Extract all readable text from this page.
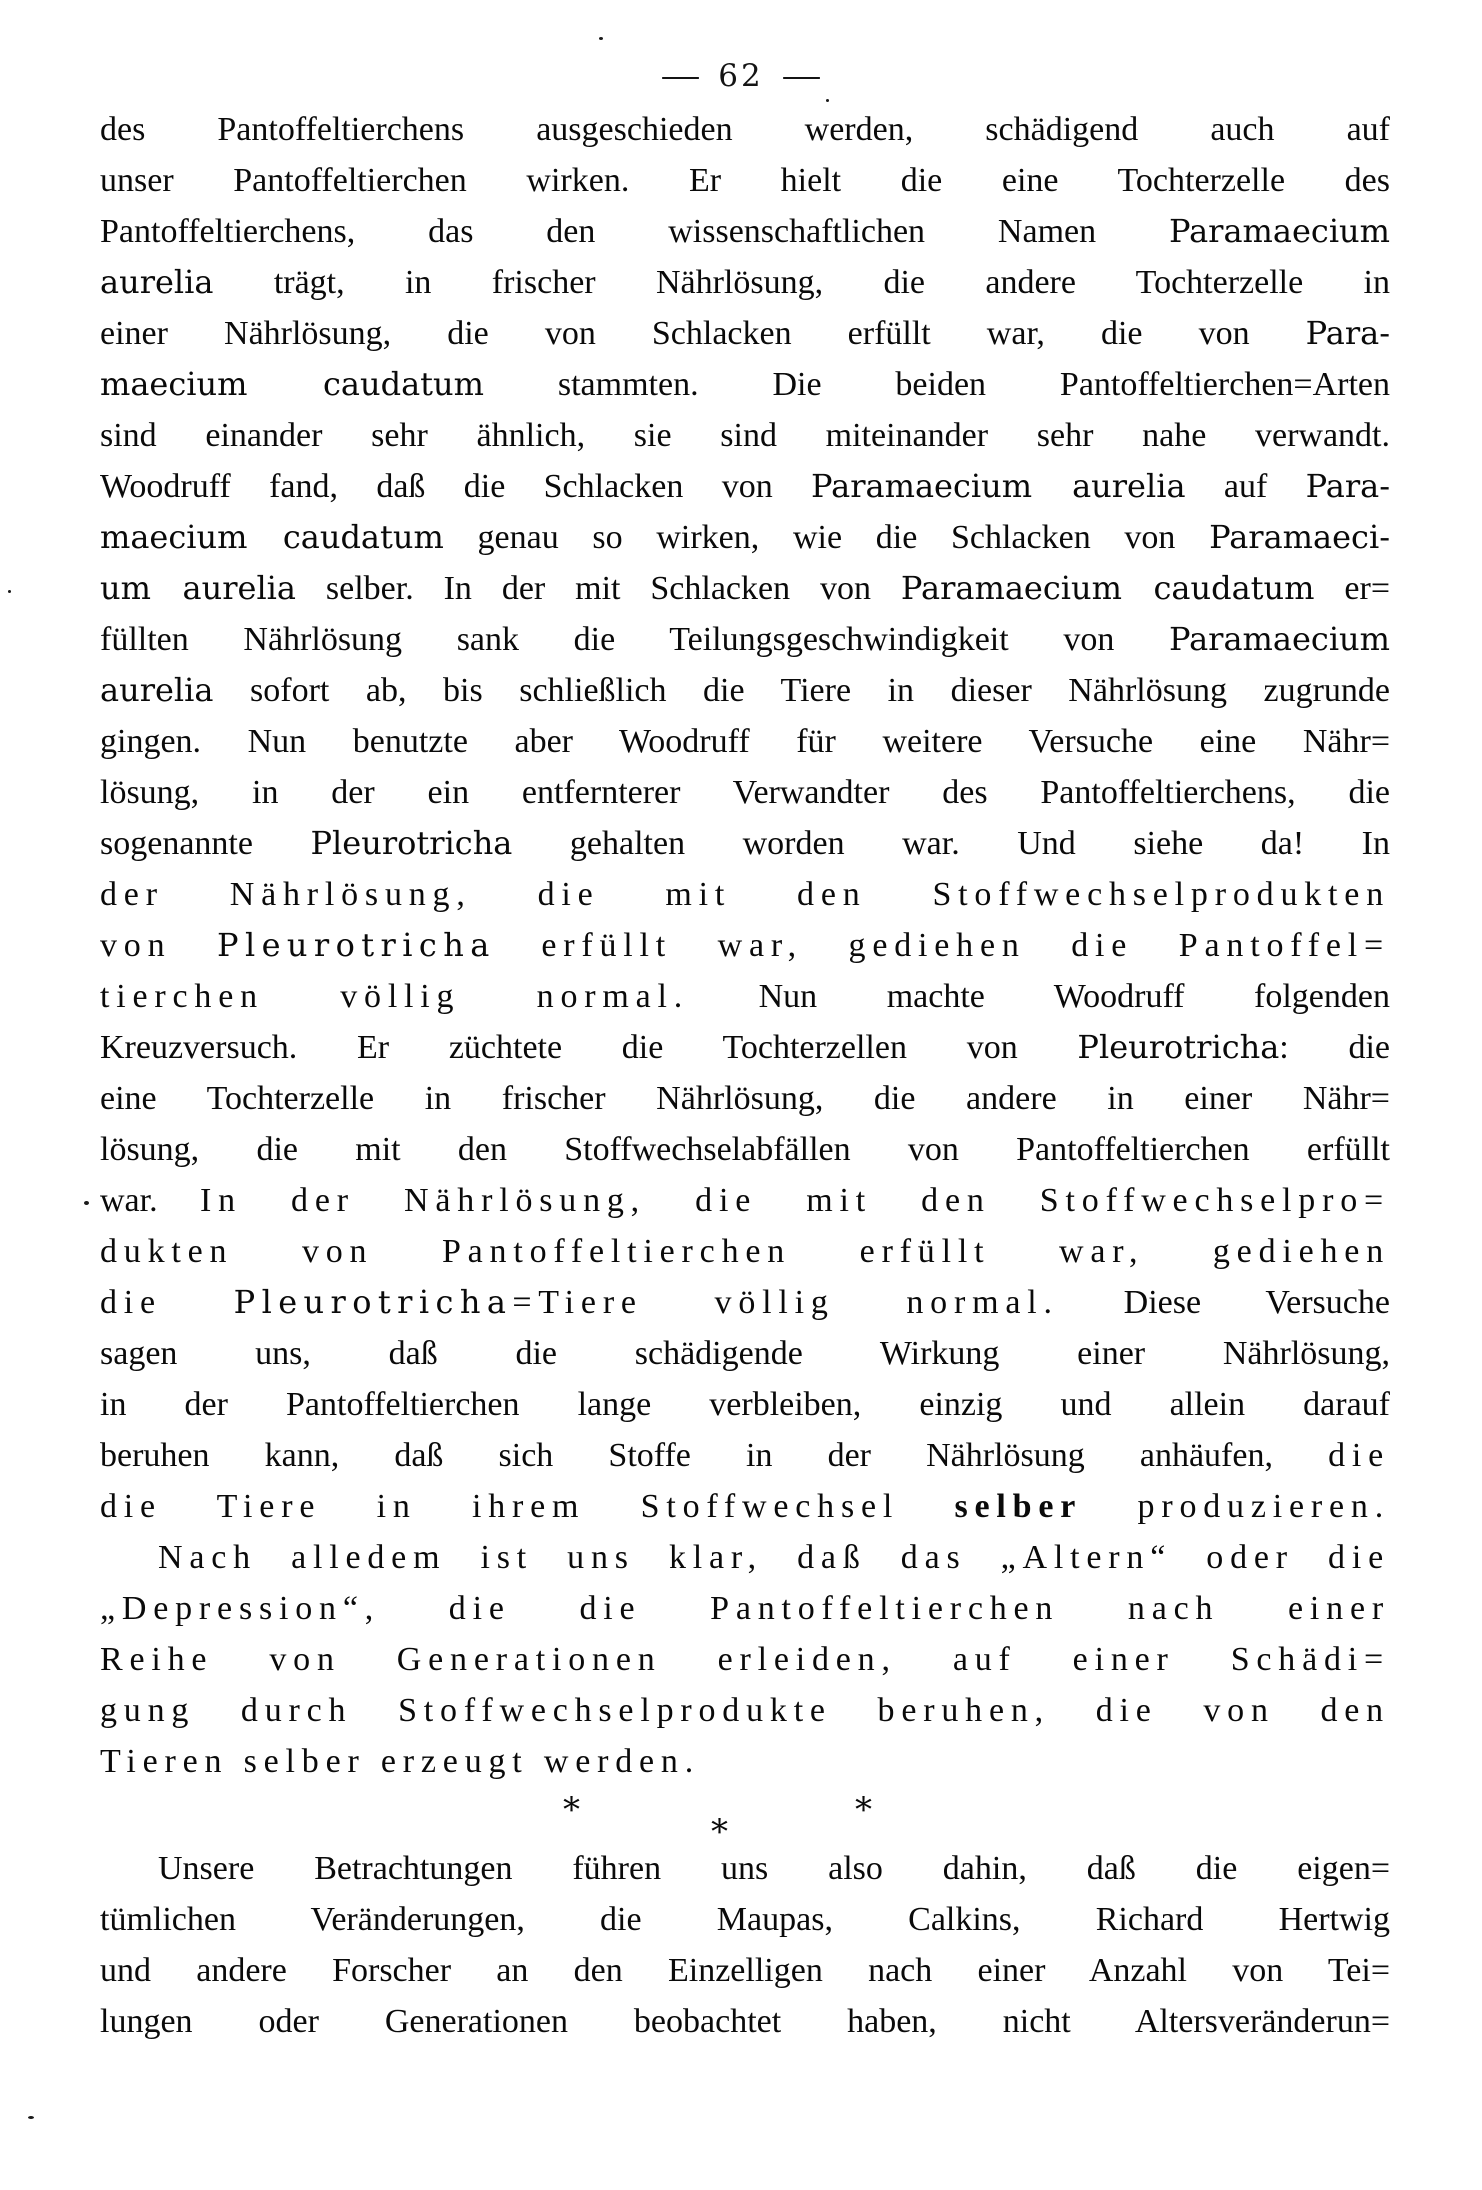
— 62 —
des Pantoffeltierchens ausgeschieden werden, schädigend auch auf
unser Pantoffeltierchen wirken. Er hielt die eine Tochterzelle des
Pantoffeltierchens, das den wissenschaftlichen Namen Paramaecium
aurelia trägt, in frischer Nährlösung, die andere Tochterzelle in
einer Nährlösung, die von Schlacken erfüllt war, die von Para-
maecium caudatum stammten. Die beiden Pantoffeltierchen=Arten
sind einander sehr ähnlich, sie sind miteinander sehr nahe verwandt.
Woodruff fand, daß die Schlacken von Paramaecium aurelia auf Para-
maecium caudatum genau so wirken, wie die Schlacken von Paramaeci-
um aurelia selber. In der mit Schlacken von Paramaecium caudatum er=
füllten Nährlösung sank die Teilungsgeschwindigkeit von Paramaecium
aurelia sofort ab, bis schließlich die Tiere in dieser Nährlösung zugrunde
gingen. Nun benutzte aber Woodruff für weitere Versuche eine Nähr=
lösung, in der ein entfernterer Verwandter des Pantoffeltierchens, die
sogenannte Pleurotricha gehalten worden war. Und siehe da! In
der Nährlösung, die mit den Stoffwechselprodukten
von Pleurotricha erfüllt war, gediehen die Pantoffel=
tierchen völlig normal. Nun machte Woodruff folgenden
Kreuzversuch. Er züchtete die Tochterzellen von Pleurotricha: die
eine Tochterzelle in frischer Nährlösung, die andere in einer Nähr=
lösung, die mit den Stoffwechselabfällen von Pantoffeltierchen erfüllt
war. In der Nährlösung, die mit den Stoffwechselpro=
dukten von Pantoffeltierchen erfüllt war, gediehen
die Pleurotricha=Tiere völlig normal. Diese Versuche
sagen uns, daß die schädigende Wirkung einer Nährlösung,
in der Pantoffeltierchen lange verbleiben, einzig und allein darauf
beruhen kann, daß sich Stoffe in der Nährlösung anhäufen, die
die Tiere in ihrem Stoffwechsel selber produzieren.
Nach alledem ist uns klar, daß das „Altern“ oder die
„Depression“, die die Pantoffeltierchen nach einer
Reihe von Generationen erleiden, auf einer Schädi=
gung durch Stoffwechselprodukte beruhen, die von den
Tieren selber erzeugt werden.
*	*
*
Unsere Betrachtungen führen uns also dahin, daß die eigen=
tümlichen Veränderungen, die Maupas, Calkins, Richard Hertwig
und andere Forscher an den Einzelligen nach einer Anzahl von Tei=
lungen oder Generationen beobachtet haben, nicht Altersveränderun=
